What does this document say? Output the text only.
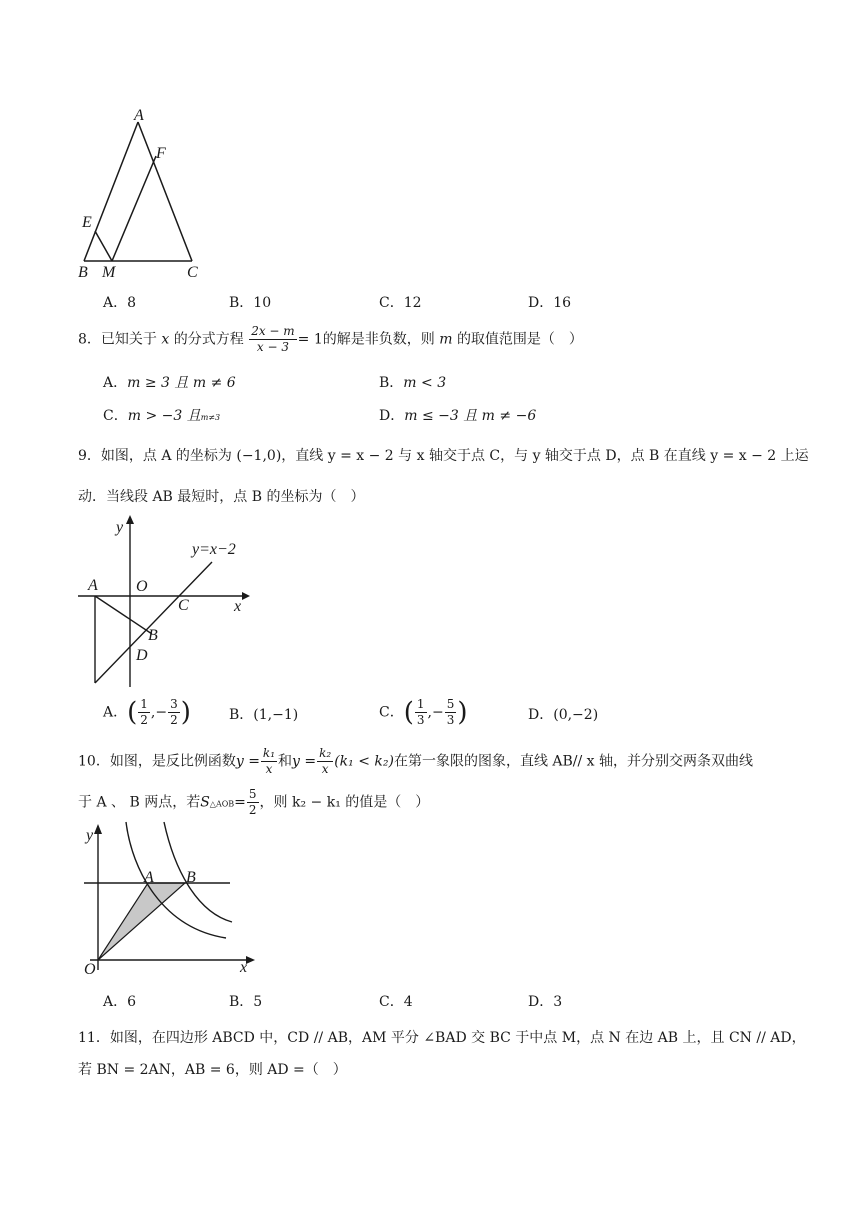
A
F
E
B M	C
A．8	B．10	C．12	D．16
8．已知关于 x 的分式方程 $\frac{2x - m}{x - 3} = 1$的解是非负数，则 m 的取值范围是（　）
A．m ≥ 3 且 m ≠ 6	B．m < 3
C．m > −3 且m≠3	D．m ≤ −3 且 m ≠ −6
9．如图，点 A 的坐标为 (−1,0)，直线 y = x − 2 与 x 轴交于点 C，与 y 轴交于点 D，点 B 在直线 y = x − 2 上运
动．当线段 AB 最短时，点 B 的坐标为（　）
y
y=x−2
A O
C	x
B
D
A．( $\frac{1}{2}$ ,− $\frac{3}{2}$ )	B．(1,−1)	C．( $\frac{1}{3}$ ,− $\frac{5}{3}$ )	D．(0,−2)
10．如图，是反比例函数$y = \frac{\text{k₁}}{x}$ 和$y = \frac{\text{k₂}}{x} (k_1 < k_2)$在第一象限的图象，直线 AB// x 轴，并分别交两条双曲线
于 A 、 B 两点，若S△AOB= $\frac{5}{2}$ ，则 k₂ − k₁ 的值是（　）
y
A B
O	x
A．6	B．5	C．4	D．3
11．如图，在四边形 ABCD 中，CD // AB，AM 平分 ∠BAD 交 BC 于中点 M，点 N 在边 AB 上，且 CN // AD，
若 BN = 2AN，AB = 6，则 AD =（　）
